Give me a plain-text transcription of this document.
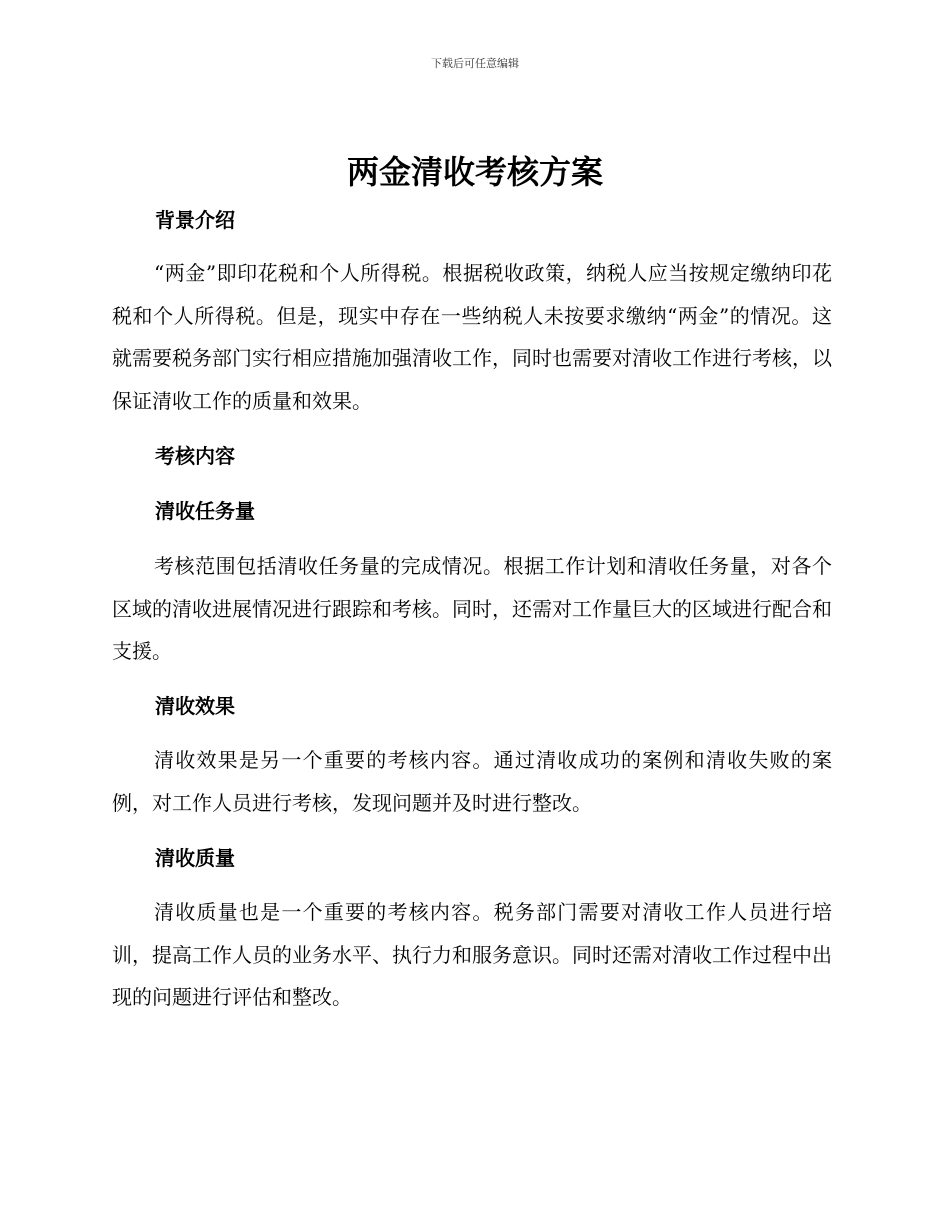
下载后可任意编辑
两金清收考核方案
背景介绍

“两金”即印花税和个人所得税。根据税收政策，纳税人应当按规定缴纳印花税和个人所得税。但是，现实中存在一些纳税人未按要求缴纳“两金”的情况。这就需要税务部门实行相应措施加强清收工作，同时也需要对清收工作进行考核，以保证清收工作的质量和效果。

考核内容
清收任务量

考核范围包括清收任务量的完成情况。根据工作计划和清收任务量，对各个区域的清收进展情况进行跟踪和考核。同时，还需对工作量巨大的区域进行配合和支援。

清收效果

清收效果是另一个重要的考核内容。通过清收成功的案例和清收失败的案例，对工作人员进行考核，发现问题并及时进行整改。

清收质量

清收质量也是一个重要的考核内容。税务部门需要对清收工作人员进行培训，提高工作人员的业务水平、执行力和服务意识。同时还需对清收工作过程中出现的问题进行评估和整改。
